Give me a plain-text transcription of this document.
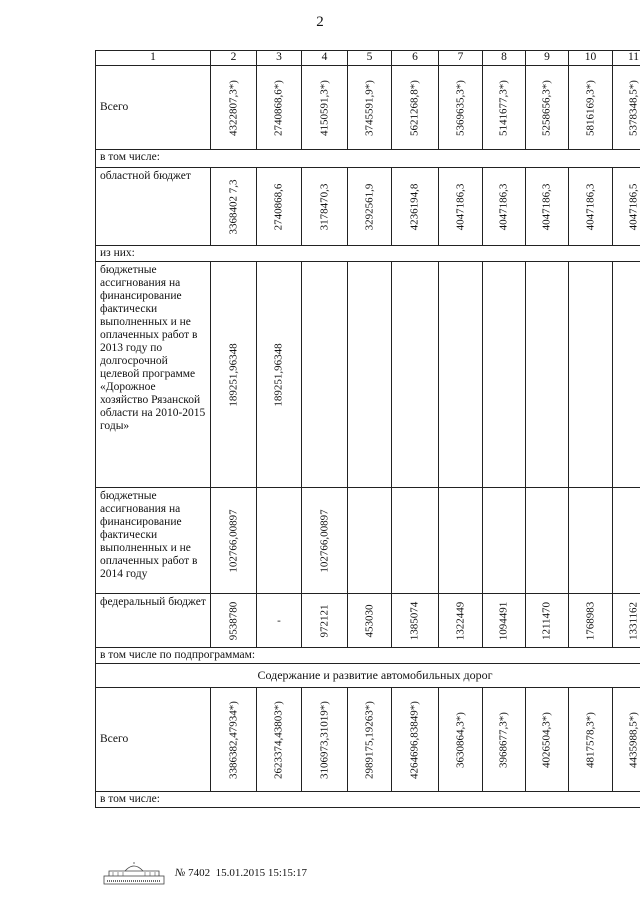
2
1	2	3	4	5	6	7	8	9	10	11
Всего	4322807,3*)	2740868,6*)	4150591,3*)	3745591,9*)	5621268,8*)	5369635,3*)	5141677,3*)	5258656,3*)	5816169,3*)	5378348,5*)

в том числе:										
областной бюджет	3368402 7,3	2740868,6	3178470,3	3292561,9	4236194,8	4047186,3	4047186,3	4047186,3	4047186,3	4047186,5

из них:										
бюджетные ассигнования на финансирование фактически выполненных и не оплаченных работ в 2013 году по долгосрочной целевой программе «Дорожное хозяйство Рязанской области на 2010-2015 годы»	189251,96348	189251,96348								

бюджетные ассигнования на финансирование фактически выполненных и не оплаченных работ в 2014 году	102766,00897		102766,00897							

федеральный бюджет	9538780	-	972121	453030	1385074	1322449	1094491	1211470	1768983	1331162

в том числе по подпрограммам:										
Содержание и развитие автомобильных дорог										
Всего	3386382,47934*)	2623374,43803*)	3106973,31019*)	2989175,19263*)	4264696,83849*)	3630864,3*)	3968677,3*)	4026504,3*)	4817578,3*)	4435988,5*)

в том числе:										
№ 7402 15.01.2015 15:15:17
